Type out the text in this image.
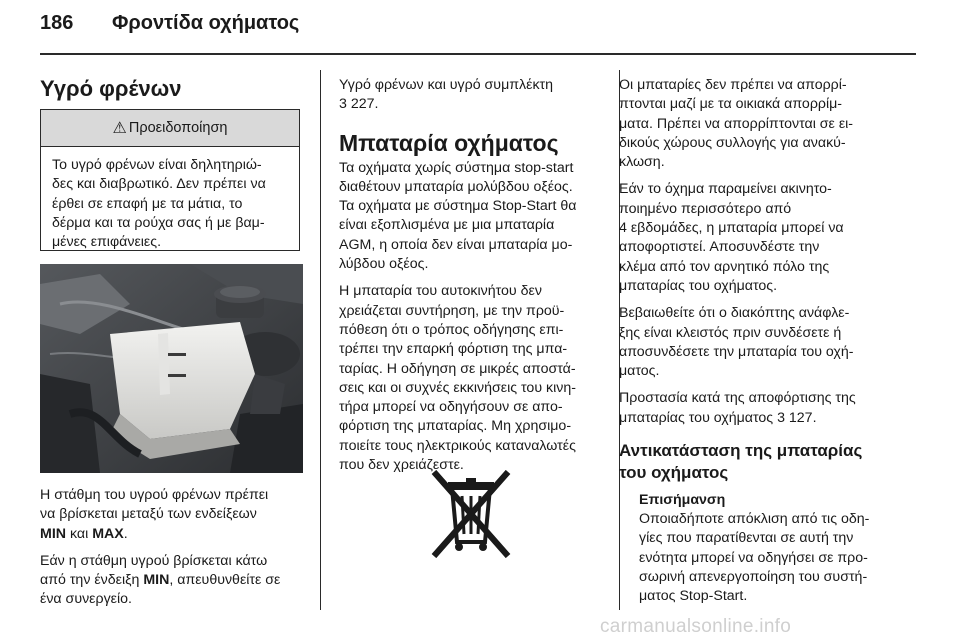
186 Φροντίδα οχήματος
Υγρό φρένων
⚠ Προειδοποίηση
Το υγρό φρένων είναι δηλητηριώ‐
δες και διαβρωτικό. Δεν πρέπει να
έρθει σε επαφή με τα μάτια, το
δέρμα και τα ρούχα σας ή με βαμ‐
μένες επιφάνειες.

Η στάθμη του υγρού φρένων πρέπει
να βρίσκεται μεταξύ των ενδείξεων
MIN και MAX.

Εάν η στάθμη υγρού βρίσκεται κάτω
από την ένδειξη MIN, απευθυνθείτε σε
ένα συνεργείο.

Υγρό φρένων και υγρό συμπλέκτη
3 227.

Μπαταρία οχήματος

Τα οχήματα χωρίς σύστημα stop-start
διαθέτουν μπαταρία μολύβδου οξέος.
Τα οχήματα με σύστημα Stop-Start θα
είναι εξοπλισμένα με μια μπαταρία
AGM, η οποία δεν είναι μπαταρία μο‐
λύβδου οξέος.

Η μπαταρία του αυτοκινήτου δεν
χρειάζεται συντήρηση, με την προϋ‐
πόθεση ότι ο τρόπος οδήγησης επι‐
τρέπει την επαρκή φόρτιση της μπα‐
ταρίας. Η οδήγηση σε μικρές αποστά‐
σεις και οι συχνές εκκινήσεις του κινη‐
τήρα μπορεί να οδηγήσουν σε απο‐
φόρτιση της μπαταρίας. Μη χρησιμο‐
ποιείτε τους ηλεκτρικούς καταναλωτές
που δεν χρειάζεστε.

Οι μπαταρίες δεν πρέπει να απορρί‐
πτονται μαζί με τα οικιακά απορρίμ‐
ματα. Πρέπει να απορρίπτονται σε ει‐
δικούς χώρους συλλογής για ανακύ‐
κλωση.

Εάν το όχημα παραμείνει ακινητο‐
ποιημένο περισσότερο από
4 εβδομάδες, η μπαταρία μπορεί να
αποφορτιστεί. Αποσυνδέστε την
κλέμα από τον αρνητικό πόλο της
μπαταρίας του οχήματος.

Βεβαιωθείτε ότι ο διακόπτης ανάφλε‐
ξης είναι κλειστός πριν συνδέσετε ή
αποσυνδέσετε την μπαταρία του οχή‐
ματος.

Προστασία κατά της αποφόρτισης της
μπαταρίας του οχήματος 3 127.

Αντικατάσταση της μπαταρίας
του οχήματος
Επισήμανση

Οποιαδήποτε απόκλιση από τις οδη‐
γίες που παρατίθενται σε αυτή την
ενότητα μπορεί να οδηγήσει σε προ‐
σωρινή απενεργοποίηση του συστή‐
ματος Stop-Start.

carmanualsonline.info
